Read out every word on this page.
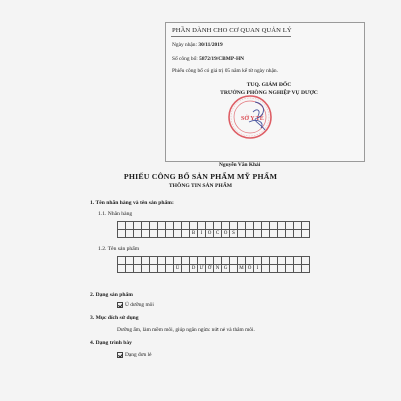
PHẦN DÀNH CHO CƠ QUAN QUẢN LÝ
Ngày nhận: 30/11/2019
Số công bố: 5872/19/CBMP-HN
Phiếu công bố có giá trị 05 năm kể từ ngày nhận.
TUQ. GIÁM ĐỐC
TRƯỞNG PHÒNG NGHIỆP VỤ DƯỢC
Nguyễn Văn Khải
SỞ Y TẾ
PHIẾU CÔNG BỐ SẢN PHẨM MỸ PHẨM
THÔNG TIN SẢN PHẨM
1. Tên nhãn hàng và tên sản phẩm:
1.1. Nhãn hàng
B	I	O C O S
1.2. Tên sản phẩm
Ủ	D Ư Ỡ N G	M Ô	I
2. Dạng sản phẩm
Ủ dưỡng môi
3. Mục đích sử dụng
Dưỡng ẩm, làm mềm môi, giúp ngăn ngừa: nứt nẻ và thâm môi.
4. Dạng trình bày
Dạng đơn lẻ
